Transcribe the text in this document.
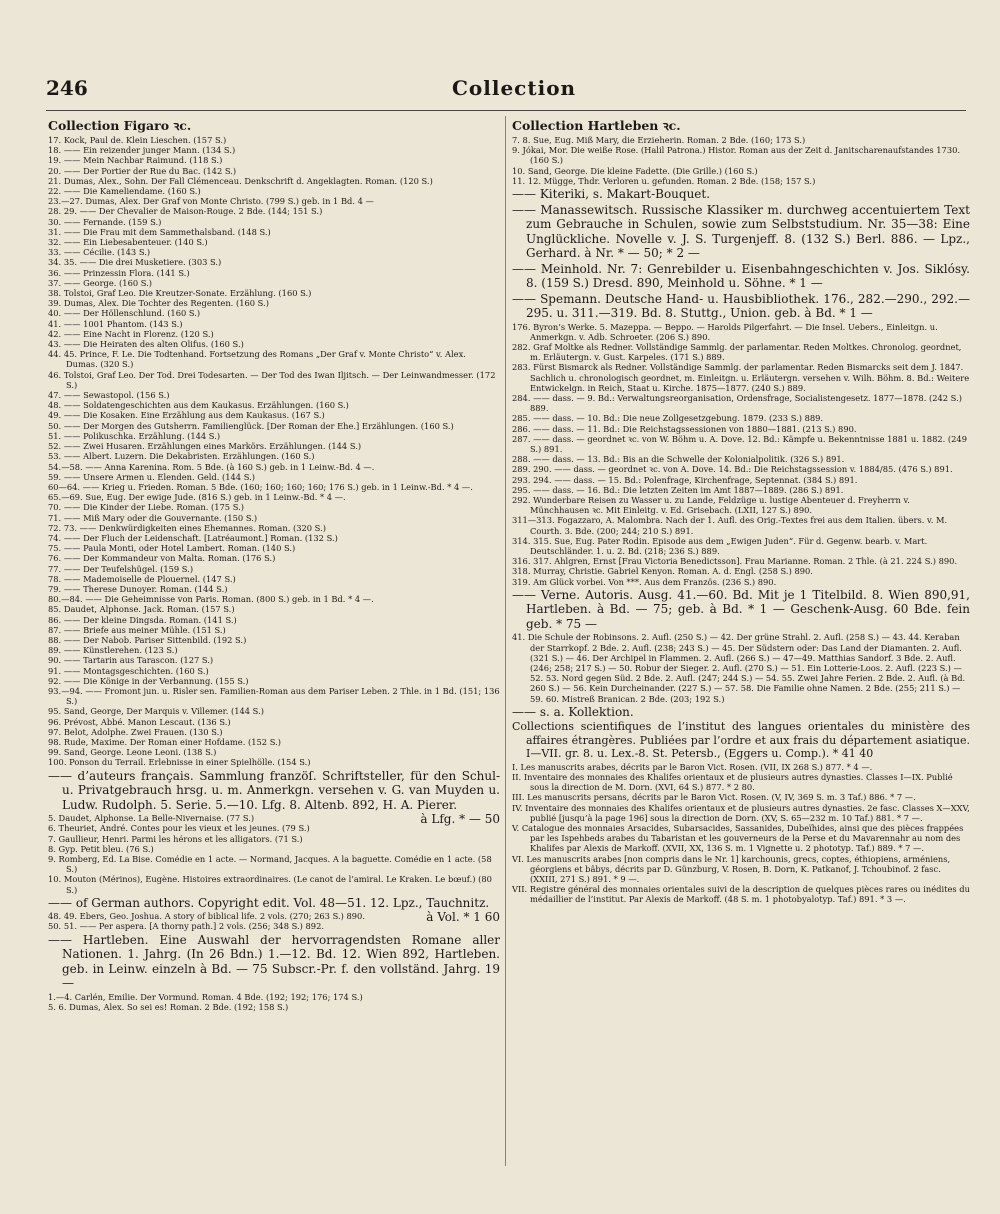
246	Collection
Collection Figaro ꝛc.
17. Kock, Paul de. Klein Lieschen. (157 S.)
18. —— Ein reizender junger Mann. (134 S.)
19. —— Mein Nachbar Raimund. (118 S.)
20. —— Der Portier der Rue du Bac. (142 S.)
21. Dumas, Alex., Sohn. Der Fall Clémenceau. Denkschrift d. Angeklagten. Roman. (120 S.)
22. —— Die Kameliendame. (160 S.)
23.—27. Dumas, Alex. Der Graf von Monte Christo. (799 S.) geb. in 1 Bd. 4 —
28. 29. —— Der Chevalier de Maison-Rouge. 2 Bde. (144; 151 S.)
30. —— Fernande. (159 S.)
31. —— Die Frau mit dem Sammethalsband. (148 S.)
32. —— Ein Liebesabenteuer. (140 S.)
33. —— Cécilie. (143 S.)
34. 35. —— Die drei Musketiere. (303 S.)
36. —— Prinzessin Flora. (141 S.)
37. —— George. (160 S.)
38. Tolstoi, Graf Leo. Die Kreutzer-Sonate. Erzählung. (160 S.)
39. Dumas, Alex. Die Tochter des Regenten. (160 S.)
40. —— Der Höllenschlund. (160 S.)
41. —— 1001 Phantom. (143 S.)
42. —— Eine Nacht in Florenz. (120 S.)
43. —— Die Heiraten des alten Olifus. (160 S.)
44. 45. Prince, F. Le. Die Todtenhand. Fortsetzung des Romans „Der Graf v. Monte Christo“ v. Alex. Dumas. (320 S.)
46. Tolstoi, Graf Leo. Der Tod. Drei Todesarten. — Der Tod des Iwan Iljitsch. — Der Leinwandmesser. (172 S.)
47. —— Sewastopol. (156 S.)
48. —— Soldatengeschichten aus dem Kaukasus. Erzählungen. (160 S.)
49. —— Die Kosaken. Eine Erzählung aus dem Kaukasus. (167 S.)
50. —— Der Morgen des Gutsherrn. Familienglück. [Der Roman der Ehe.] Erzählungen. (160 S.)
51. —— Polikuschka. Erzählung. (144 S.)
52. —— Zwei Husaren. Erzählungen eines Markörs. Erzählungen. (144 S.)
53. —— Albert. Luzern. Die Dekabristen. Erzählungen. (160 S.)
54.—58. —— Anna Karenina. Rom. 5 Bde. (à 160 S.) geb. in 1 Leinw.-Bd. 4 —.
59. —— Unsere Armen u. Elenden. Geld. (144 S.)
60—64. —— Krieg u. Frieden. Roman. 5 Bde. (160; 160; 160; 160; 176 S.) geb. in 1 Leinw.-Bd. * 4 —.
65.—69. Sue, Eug. Der ewige Jude. (816 S.) geb. in 1 Leinw.-Bd. * 4 —.
70. —— Die Kinder der Liebe. Roman. (175 S.)
71. —— Miß Mary oder die Gouvernante. (150 S.)
72. 73. —— Denkwürdigkeiten eines Ehemannes. Roman. (320 S.)
74. —— Der Fluch der Leidenschaft. [Latréaumont.] Roman. (132 S.)
75. —— Paula Monti, oder Hotel Lambert. Roman. (140 S.)
76. —— Der Kommandeur von Malta. Roman. (176 S.)
77. —— Der Teufelshügel. (159 S.)
78. —— Mademoiselle de Plouernel. (147 S.)
79. —— Therese Dunoyer. Roman. (144 S.)
80.—84. —— Die Geheimnisse von Paris. Roman. (800 S.) geb. in 1 Bd. * 4 —.
85. Daudet, Alphonse. Jack. Roman. (157 S.)
86. —— Der kleine Dingsda. Roman. (141 S.)
87. —— Briefe aus meiner Mühle. (151 S.)
88. —— Der Nabob. Pariser Sittenbild. (192 S.)
89. —— Künstlerehen. (123 S.)
90. —— Tartarin aus Tarascon. (127 S.)
91. —— Montagsgeschichten. (160 S.)
92. —— Die Könige in der Verbannung. (155 S.)
93.—94. —— Fromont jun. u. Risler sen. Familien-Roman aus dem Pariser Leben. 2 Thle. in 1 Bd. (151; 136 S.)
95. Sand, George, Der Marquis v. Villemer. (144 S.)
96. Prévost, Abbé. Manon Lescaut. (136 S.)
97. Belot, Adolphe. Zwei Frauen. (130 S.)
98. Rude, Maxime. Der Roman einer Hofdame. (152 S.)
99. Sand, George. Leone Leoni. (138 S.)
100. Ponson du Terrail. Erlebnisse in einer Spielhölle. (154 S.)
—— d’auteurs français. Sammlung franzöſ. Schriftsteller, für den Schul- u. Privatgebrauch hrsg. u. m. Anmerkgn. versehen v. G. van Muyden u. Ludw. Rudolph. 5. Serie. 5.—10. Lfg. 8. Altenb. 892, H. A. Pierer.
à Lfg. * — 50
5. Daudet, Alphonse. La Belle-Nivernaise. (77 S.)
6. Theuriet, André. Contes pour les vieux et les jeunes. (79 S.)
7. Gaullieur, Henri. Parmi les hérons et les alligators. (71 S.)
8. Gyp. Petit bleu. (76 S.)
9. Romberg, Ed. La Bise. Comédie en 1 acte. — Normand, Jacques. A la baguette. Comédie en 1 acte. (58 S.)
10. Mouton (Mérinos), Eugène. Histoires extraordinaires. (Le canot de l’amiral. Le Kraken. Le bœuf.) (80 S.)
—— of German authors. Copyright edit. Vol. 48—51. 12. Lpz., Tauchnitz.
à Vol. * 1 60
48. 49. Ebers, Geo. Joshua. A story of biblical life. 2 vols. (270; 263 S.) 890.
50. 51. —— Per aspera. [A thorny path.] 2 vols. (256; 348 S.) 892.
—— Hartleben. Eine Auswahl der hervorragendsten Romane aller Nationen. 1. Jahrg. (In 26 Bdn.) 1.—12. Bd. 12. Wien 892, Hartleben. geb. in Leinw. einzeln à Bd. — 75 Subscr.-Pr. f. den vollständ. Jahrg. 19 —
1.—4. Carlén, Emilie. Der Vormund. Roman. 4 Bde. (192; 192; 176; 174 S.)
5. 6. Dumas, Alex. So sei es! Roman. 2 Bde. (192; 158 S.)
Collection Hartleben ꝛc.
7. 8. Sue, Eug. Miß Mary, die Erzieherin. Roman. 2 Bde. (160; 173 S.)
9. Jókai, Mor. Die weiße Rose. (Halil Patrona.) Histor. Roman aus der Zeit d. Janitscharenaufstandes 1730. (160 S.)
10. Sand, George. Die kleine Fadette. (Die Grille.) (160 S.)
11. 12. Mügge, Thdr. Verloren u. gefunden. Roman. 2 Bde. (158; 157 S.)
—— Kiteriki, s. Makart-Bouquet.
—— Manassewitsch. Russische Klassiker m. durchweg accentuiertem Text zum Gebrauche in Schulen, sowie zum Selbststudium. Nr. 35—38: Eine Unglückliche. Novelle v. J. S. Turgenjeff. 8. (132 S.) Berl. 886. — Lpz., Gerhard. à Nr. * — 50; * 2 —
—— Meinhold. Nr. 7: Genrebilder u. Eisenbahngeschichten v. Jos. Siklósy. 8. (159 S.) Dresd. 890, Meinhold u. Söhne. * 1 —
—— Spemann. Deutsche Hand- u. Hausbibliothek. 176., 282.—290., 292.—295. u. 311.—319. Bd. 8. Stuttg., Union. geb. à Bd. * 1 —
176. Byron’s Werke. 5. Mazeppa. — Beppo. — Harolds Pilgerfahrt. — Die Insel. Uebers., Einleitgn. u. Anmerkgn. v. Adb. Schroeter. (206 S.) 890.
282. Graf Moltke als Redner. Vollständige Sammlg. der parlamentar. Reden Moltkes. Chronolog. geordnet, m. Erläutergn. v. Gust. Karpeles. (171 S.) 889.
283. Fürst Bismarck als Redner. Vollständige Sammlg. der parlamentar. Reden Bismarcks seit dem J. 1847. Sachlich u. chronologisch geordnet, m. Einleitgn. u. Erläutergn. versehen v. Wilh. Böhm. 8. Bd.: Weitere Entwickelgn. in Reich, Staat u. Kirche. 1875—1877. (240 S.) 889.
284. —— dass. — 9. Bd.: Verwaltungsreorganisation, Ordensfrage, Socialistengesetz. 1877—1878. (242 S.) 889.
285. —— dass. — 10. Bd.: Die neue Zollgesetzgebung. 1879. (233 S.) 889.
286. —— dass. — 11. Bd.: Die Reichstagssessionen von 1880—1881. (213 S.) 890.
287. —— dass. — geordnet ꝛc. von W. Böhm u. A. Dove. 12. Bd.: Kämpfe u. Bekenntnisse 1881 u. 1882. (249 S.) 891.
288. —— dass. — 13. Bd.: Bis an die Schwelle der Kolonialpolitik. (326 S.) 891.
289. 290. —— dass. — geordnet ꝛc. von A. Dove. 14. Bd.: Die Reichstagssession v. 1884/85. (476 S.) 891.
293. 294. —— dass. — 15. Bd.: Polenfrage, Kirchenfrage, Septennat. (384 S.) 891.
295. —— dass. — 16. Bd.: Die letzten Zeiten im Amt 1887—1889. (286 S.) 891.
292. Wunderbare Reisen zu Wasser u. zu Lande, Feldzüge u. lustige Abenteuer d. Freyherrn v. Münchhausen ꝛc. Mit Einleitg. v. Ed. Grisebach. (LXII, 127 S.) 890.
311—313. Fogazzaro, A. Malombra. Nach der 1. Aufl. des Orig.-Textes frei aus dem Italien. übers. v. M. Courth. 3. Bde. (200; 244; 210 S.) 891.
314. 315. Sue, Eug. Pater Rodin. Episode aus dem „Ewigen Juden“. Für d. Gegenw. bearb. v. Mart. Deutschländer. 1. u. 2. Bd. (218; 236 S.) 889.
316. 317. Ahlgren, Ernst [Frau Victoria Benedictsson]. Frau Marianne. Roman. 2 Thle. (à 21. 224 S.) 890.
318. Murray, Christie. Gabriel Kenyon. Roman. A. d. Engl. (258 S.) 890.
319. Am Glück vorbei. Von ***. Aus dem Französ. (236 S.) 890.
—— Verne. Autoris. Ausg. 41.—60. Bd. Mit je 1 Titelbild. 8. Wien 890,91, Hartleben. à Bd. — 75; geb. à Bd. * 1 — Geschenk-Ausg. 60 Bde. fein geb. * 75 —
41. Die Schule der Robinsons. 2. Aufl. (250 S.) — 42. Der grüne Strahl. 2. Aufl. (258 S.) — 43. 44. Keraban der Starrkopf. 2 Bde. 2. Aufl. (238; 243 S.) — 45. Der Südstern oder: Das Land der Diamanten. 2. Aufl. (321 S.) — 46. Der Archipel in Flammen. 2. Aufl. (266 S.) — 47—49. Matthias Sandorf. 3 Bde. 2. Aufl. (246; 258; 217 S.) — 50. Robur der Sieger. 2. Aufl. (270 S.) — 51. Ein Lotterie-Loos. 2. Aufl. (223 S.) — 52. 53. Nord gegen Süd. 2 Bde. 2. Aufl. (247; 244 S.) — 54. 55. Zwei Jahre Ferien. 2 Bde. 2. Aufl. (à Bd. 260 S.) — 56. Kein Durcheinander. (227 S.) — 57. 58. Die Familie ohne Namen. 2 Bde. (255; 211 S.) — 59. 60. Mistreß Branican. 2 Bde. (203; 192 S.)
—— s. a. Kollektion.
Collections scientifiques de l’institut des langues orientales du ministère des affaires étrangères. Publiées par l’ordre et aux frais du département asiatique. I—VII. gr. 8. u. Lex.-8. St. Petersb., (Eggers u. Comp.). * 41 40
I. Les manuscrits arabes, décrits par le Baron Vict. Rosen. (VII, IX 268 S.) 877. * 4 —.
II. Inventaire des monnaies des Khalifes orientaux et de plusieurs autres dynasties. Classes I—IX. Publié sous la direction de M. Dorn. (XVI, 64 S.) 877. * 2 80.
III. Les manuscrits persans, décrits par le Baron Vict. Rosen. (V, IV, 369 S. m. 3 Taf.) 886. * 7 —.
IV. Inventaire des monnaies des Khalifes orientaux et de plusieurs autres dynasties. 2e fasc. Classes X—XXV, publié [jusqu’à la page 196] sous la direction de Dorn. (XV, S. 65—232 m. 10 Taf.) 881. * 7 —.
V. Catalogue des monnaies Arsacides, Subarsacides, Sassanides, Dubeïhides, ainsi que des pièces frappées par les Ispehbeds arabes du Tabaristan et les gouverneurs de la Perse et du Mavarennahr au nom des Khalifes par Alexis de Markoff. (XVII, XX, 136 S. m. 1 Vignette u. 2 phototyp. Taf.) 889. * 7 —.
VI. Les manuscrits arabes [non compris dans le Nr. 1] karchounis, grecs, coptes, éthiopiens, arméniens, géorgiens et bâbys, décrits par D. Günzburg, V. Rosen, B. Dorn, K. Patkanof, J. Tchoubinof. 2 fasc. (XXIII, 271 S.) 891. * 9 —.
VII. Registre général des monnaies orientales suivi de la description de quelques pièces rares ou inédites du médaillier de l’institut. Par Alexis de Markoff. (48 S. m. 1 photobyalotyp. Taf.) 891. * 3 —.
